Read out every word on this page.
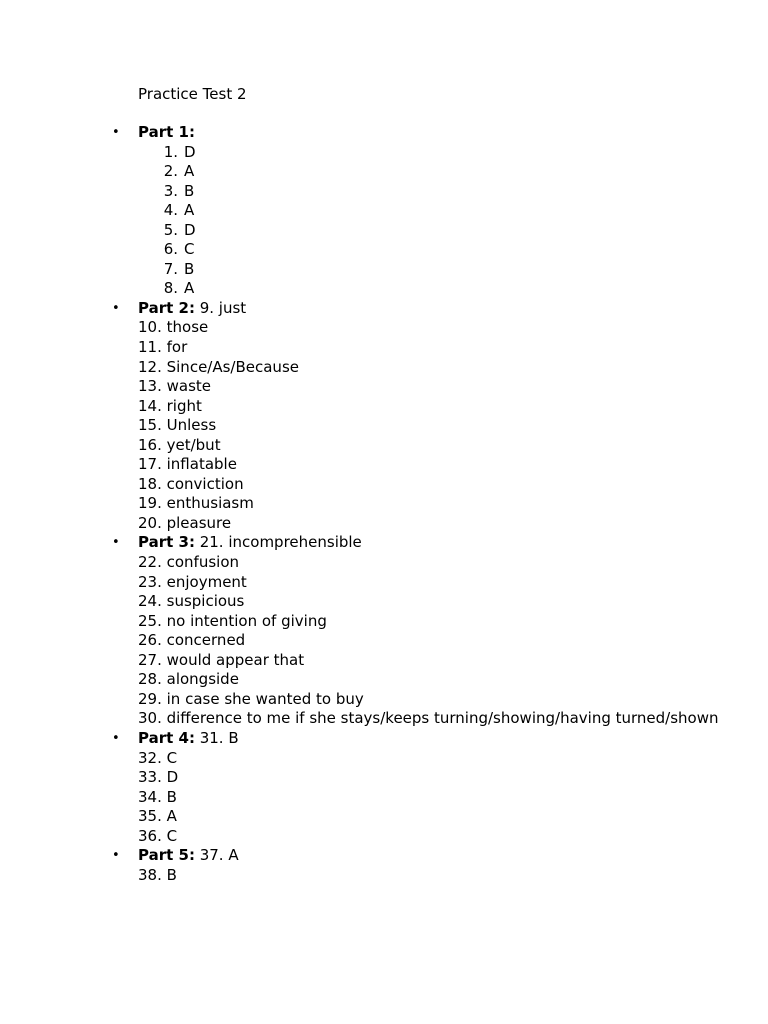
Practice Test 2
• Part 1:
1. D
2. A
3. B
4. A
5. D
6. C
7. B
8. A
• Part 2: 9. just
10. those
11. for
12. Since/As/Because
13. waste
14. right
15. Unless
16. yet/but
17. inflatable
18. conviction
19. enthusiasm
20. pleasure
• Part 3: 21. incomprehensible
22. confusion
23. enjoyment
24. suspicious
25. no intention of giving
26. concerned
27. would appear that
28. alongside
29. in case she wanted to buy
30. difference to me if she stays/keeps turning/showing/having turned/shown
• Part 4: 31. B
32. C
33. D
34. B
35. A
36. C
• Part 5: 37. A
38. B
